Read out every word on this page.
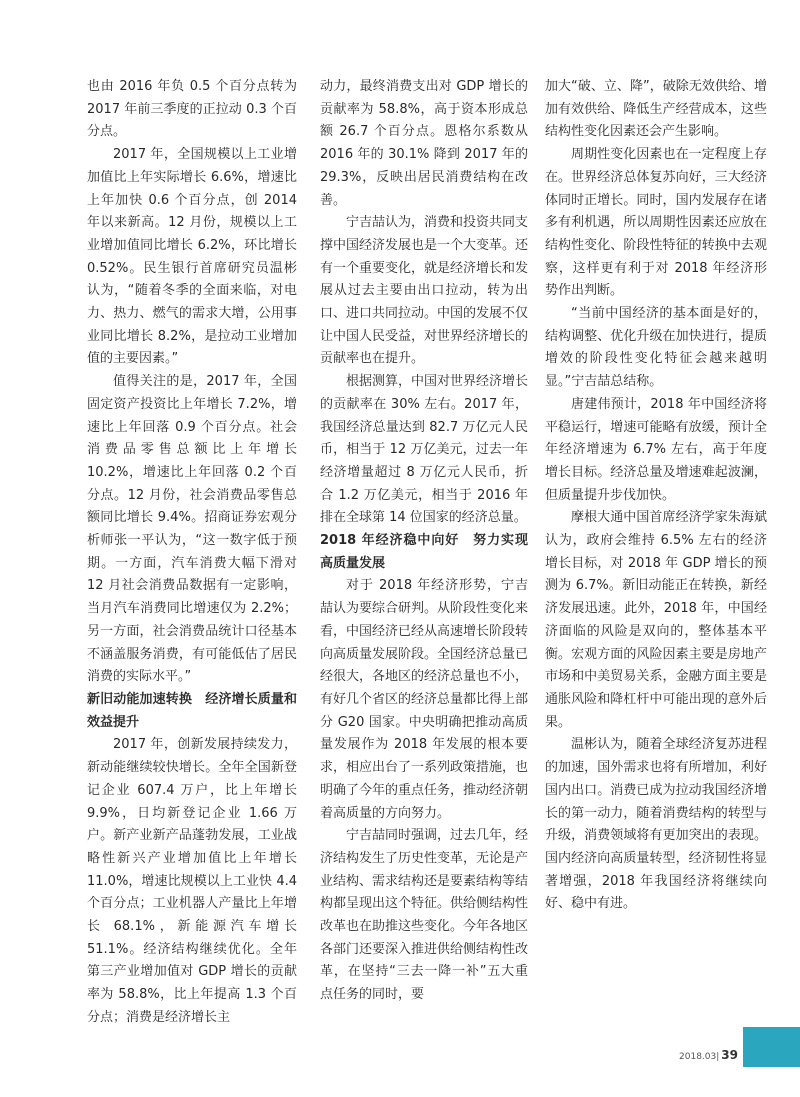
也由 2016 年负 0.5 个百分点转为 2017 年前三季度的正拉动 0.3 个百分点。

2017 年，全国规模以上工业增加值比上年实际增长 6.6%，增速比上年加快 0.6 个百分点，创 2014 年以来新高。12 月份，规模以上工业增加值同比增长 6.2%，环比增长 0.52%。民生银行首席研究员温彬认为，“随着冬季的全面来临，对电力、热力、燃气的需求大增，公用事业同比增长 8.2%，是拉动工业增加值的主要因素。”

值得关注的是，2017 年，全国固定资产投资比上年增长 7.2%，增速比上年回落 0.9 个百分点。社会消费品零售总额比上年增长 10.2%，增速比上年回落 0.2 个百分点。12 月份，社会消费品零售总额同比增长 9.4%。招商证券宏观分析师张一平认为，“这一数字低于预期。一方面，汽车消费大幅下滑对 12 月社会消费品数据有一定影响，当月汽车消费同比增速仅为 2.2%；另一方面，社会消费品统计口径基本不涵盖服务消费，有可能低估了居民消费的实际水平。”

新旧动能加速转换　经济增长质量和效益提升

2017 年，创新发展持续发力，新动能继续较快增长。全年全国新登记企业 607.4 万户，比上年增长 9.9%，日均新登记企业 1.66 万户。新产业新产品蓬勃发展，工业战略性新兴产业增加值比上年增长 11.0%，增速比规模以上工业快 4.4 个百分点；工业机器人产量比上年增长 68.1%，新能源汽车增长 51.1%。经济结构继续优化。全年第三产业增加值对 GDP 增长的贡献率为 58.8%，比上年提高 1.3 个百分点；消费是经济增长主

动力，最终消费支出对 GDP 增长的贡献率为 58.8%，高于资本形成总额 26.7 个百分点。恩格尔系数从 2016 年的 30.1% 降到 2017 年的 29.3%，反映出居民消费结构在改善。

宁吉喆认为，消费和投资共同支撑中国经济发展也是一个大变革。还有一个重要变化，就是经济增长和发展从过去主要由出口拉动，转为出口、进口共同拉动。中国的发展不仅让中国人民受益，对世界经济增长的贡献率也在提升。

根据测算，中国对世界经济增长的贡献率在 30% 左右。2017 年，我国经济总量达到 82.7 万亿元人民币，相当于 12 万亿美元，过去一年经济增量超过 8 万亿元人民币，折合 1.2 万亿美元，相当于 2016 年排在全球第 14 位国家的经济总量。

2018 年经济稳中向好　努力实现高质量发展

对于 2018 年经济形势，宁吉喆认为要综合研判。从阶段性变化来看，中国经济已经从高速增长阶段转向高质量发展阶段。全国经济总量已经很大，各地区的经济总量也不小，有好几个省区的经济总量都比得上部分 G20 国家。中央明确把推动高质量发展作为 2018 年发展的根本要求，相应出台了一系列政策措施，也明确了今年的重点任务，推动经济朝着高质量的方向努力。

宁吉喆同时强调，过去几年，经济结构发生了历史性变革，无论是产业结构、需求结构还是要素结构等结构都呈现出这个特征。供给侧结构性改革也在助推这些变化。今年各地区各部门还要深入推进供给侧结构性改革，在坚持“三去一降一补”五大重点任务的同时，要

加大“破、立、降”，破除无效供给、增加有效供给、降低生产经营成本，这些结构性变化因素还会产生影响。

周期性变化因素也在一定程度上存在。世界经济总体复苏向好，三大经济体同时正增长。同时，国内发展存在诸多有利机遇，所以周期性因素还应放在结构性变化、阶段性特征的转换中去观察，这样更有利于对 2018 年经济形势作出判断。

“当前中国经济的基本面是好的，结构调整、优化升级在加快进行，提质增效的阶段性变化特征会越来越明显。”宁吉喆总结称。

唐建伟预计，2018 年中国经济将平稳运行，增速可能略有放缓，预计全年经济增速为 6.7% 左右，高于年度增长目标。经济总量及增速难起波澜，但质量提升步伐加快。

摩根大通中国首席经济学家朱海斌认为，政府会维持 6.5% 左右的经济增长目标，对 2018 年 GDP 增长的预测为 6.7%。新旧动能正在转换，新经济发展迅速。此外，2018 年，中国经济面临的风险是双向的，整体基本平衡。宏观方面的风险因素主要是房地产市场和中美贸易关系，金融方面主要是通胀风险和降杠杆中可能出现的意外后果。

温彬认为，随着全球经济复苏进程的加速，国外需求也将有所增加，利好国内出口。消费已成为拉动我国经济增长的第一动力，随着消费结构的转型与升级，消费领域将有更加突出的表现。国内经济向高质量转型，经济韧性将显著增强，2018 年我国经济将继续向好、稳中有进。

2018.03| 39
